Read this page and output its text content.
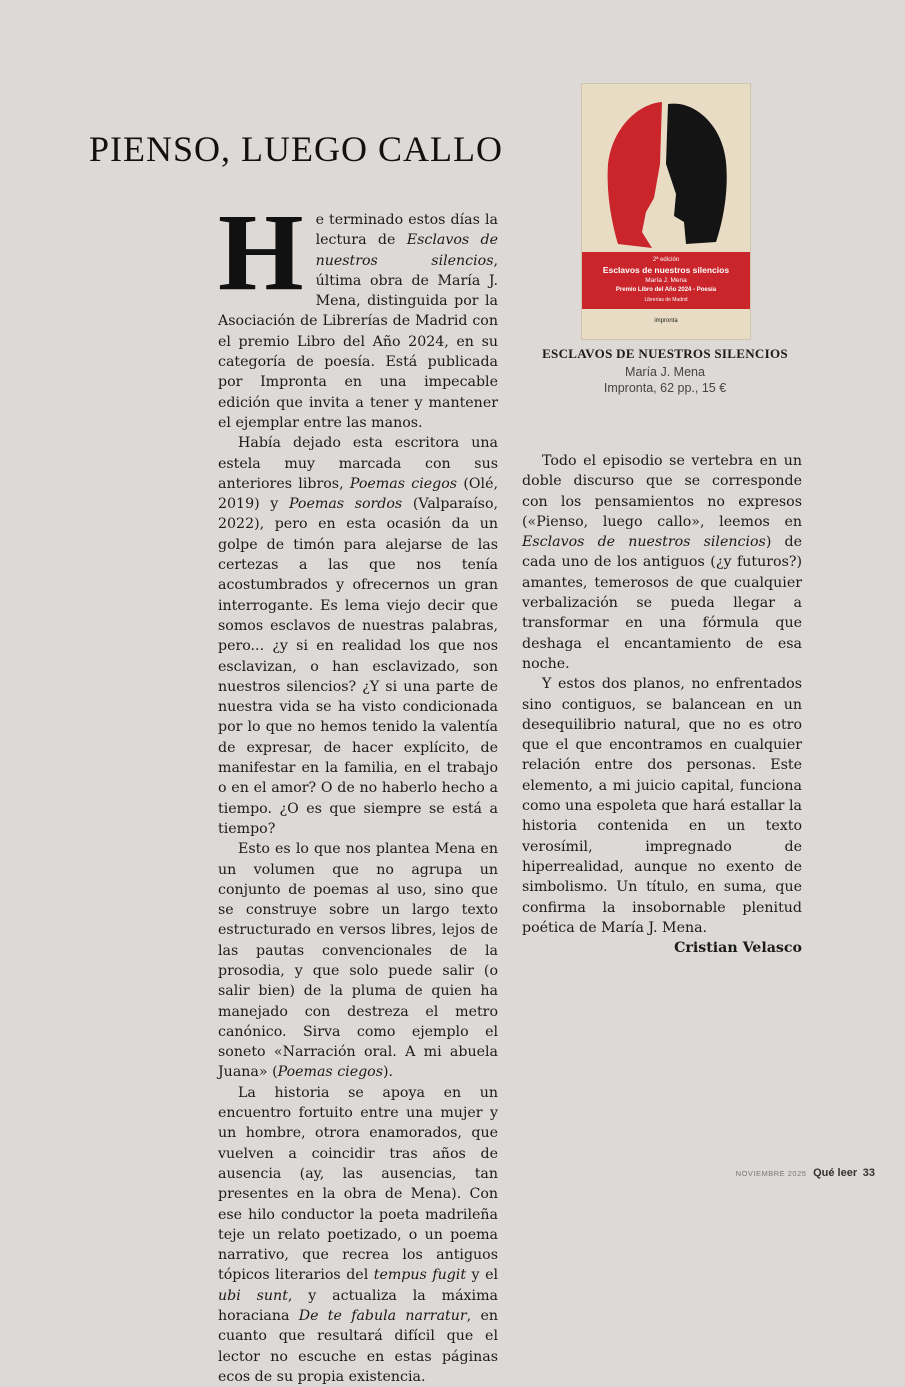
PIENSO, LUEGO CALLO
2ª edición
Esclavos de nuestros silencios
María J. Mena
Premio Libro del Año 2024 - Poesía
Librerías de Madrid
impronta
ESCLAVOS DE NUESTROS SILENCIOS
María J. Mena
Impronta, 62 pp., 15 €

He terminado estos días la lectura de Esclavos de nuestros silencios, última obra de María J. Mena, distinguida por la Asociación de Librerías de Madrid con el premio Libro del Año 2024, en su categoría de poesía. Está publicada por Impronta en una impecable edición que invita a tener y mantener el ejemplar entre las manos.

Había dejado esta escritora una estela muy marcada con sus anteriores libros, Poemas ciegos (Olé, 2019) y Poemas sordos (Valparaíso, 2022), pero en esta ocasión da un golpe de timón para alejarse de las certezas a las que nos tenía acostumbrados y ofrecernos un gran interrogante. Es lema viejo decir que somos esclavos de nuestras palabras, pero... ¿y si en realidad los que nos esclavizan, o han esclavizado, son nuestros silencios? ¿Y si una parte de nuestra vida se ha visto condicionada por lo que no hemos tenido la valentía de expresar, de hacer explícito, de manifestar en la familia, en el trabajo o en el amor? O de no haberlo hecho a tiempo. ¿O es que siempre se está a tiempo?

Esto es lo que nos plantea Mena en un volumen que no agrupa un conjunto de poemas al uso, sino que se construye sobre un largo texto estructurado en versos libres, lejos de las pautas convencionales de la prosodia, y que solo puede salir (o salir bien) de la pluma de quien ha manejado con destreza el metro canónico. Sirva como ejemplo el soneto «Narración oral. A mi abuela Juana» (Poemas ciegos).

La historia se apoya en un encuentro fortuito entre una mujer y un hombre, otrora enamorados, que vuelven a coincidir tras años de ausencia (ay, las ausencias, tan presentes en la obra de Mena). Con ese hilo conductor la poeta madrileña teje un relato poetizado, o un poema narrativo, que recrea los antiguos tópicos literarios del tempus fugit y el ubi sunt, y actualiza la máxima horaciana De te fabula narratur, en cuanto que resultará difícil que el lector no escuche en estas páginas ecos de su propia existencia.

Todo el episodio se vertebra en un doble discurso que se corresponde con los pensamientos no expresos («Pienso, luego callo», leemos en Esclavos de nuestros silencios) de cada uno de los antiguos (¿y futuros?) amantes, temerosos de que cualquier verbalización se pueda llegar a transformar en una fórmula que deshaga el encantamiento de esa noche.

Y estos dos planos, no enfrentados sino contiguos, se balancean en un desequilibrio natural, que no es otro que el que encontramos en cualquier relación entre dos personas. Este elemento, a mi juicio capital, funciona como una espoleta que hará estallar la historia contenida en un texto verosímil, impregnado de hiperrealidad, aunque no exento de simbolismo. Un título, en suma, que confirma la insobornable plenitud poética de María J. Mena.

Cristian Velasco

NOVIEMBRE 2025 Qué leer 33
